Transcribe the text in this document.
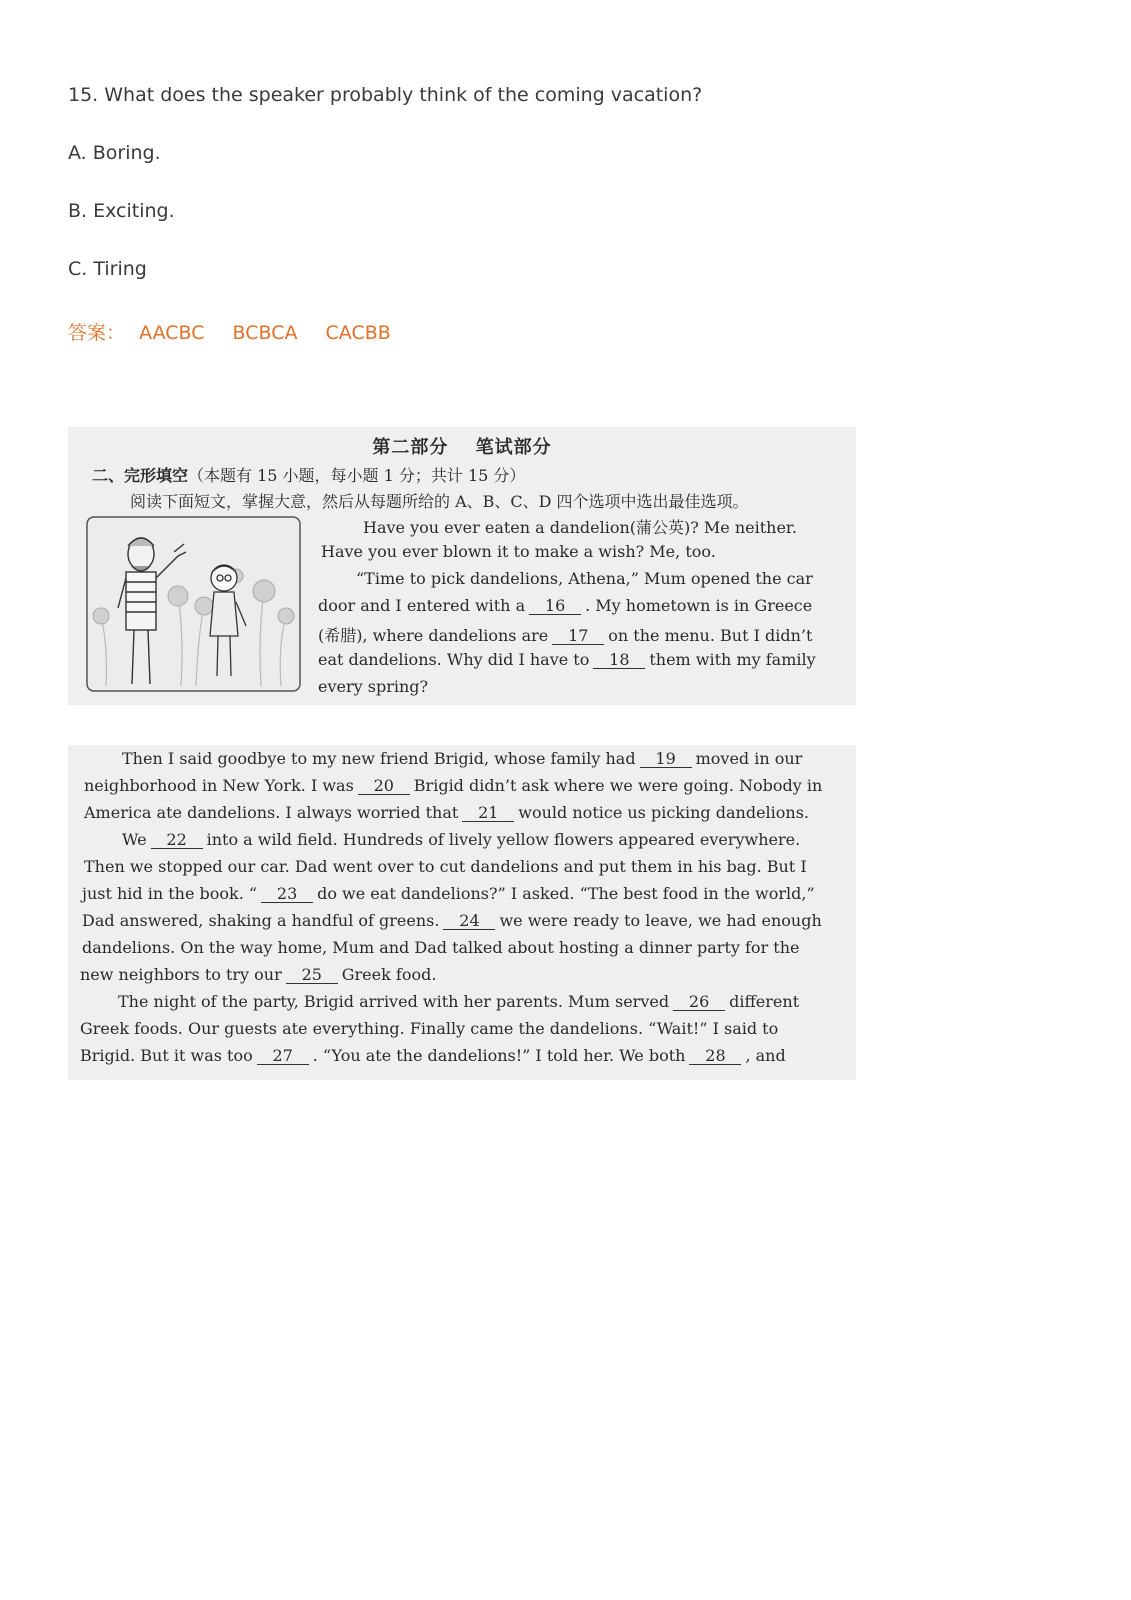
15. What does the speaker probably think of the coming vacation?
A. Boring.
B. Exciting.
C. Tiring
答案： AACBC BCBCA CACBB
第二部分 笔试部分
二、完形填空（本题有 15 小题，每小题 1 分；共计 15 分）
阅读下面短文，掌握大意，然后从每题所给的 A、B、C、D 四个选项中选出最佳选项。
Have you ever eaten a dandelion(蒲公英)? Me neither.
Have you ever blown it to make a wish? Me, too.
“Time to pick dandelions, Athena,” Mum opened the car
door and I entered with a 16 . My hometown is in Greece
(希腊), where dandelions are 17 on the menu. But I didn’t
eat dandelions. Why did I have to 18 them with my family
every spring?
Then I said goodbye to my new friend Brigid, whose family had 19 moved in our
neighborhood in New York. I was 20 Brigid didn’t ask where we were going. Nobody in
America ate dandelions. I always worried that 21 would notice us picking dandelions.
We 22 into a wild field. Hundreds of lively yellow flowers appeared everywhere.
Then we stopped our car. Dad went over to cut dandelions and put them in his bag. But I
just hid in the book. “ 23 do we eat dandelions?” I asked. “The best food in the world,”
Dad answered, shaking a handful of greens. 24 we were ready to leave, we had enough
dandelions. On the way home, Mum and Dad talked about hosting a dinner party for the
new neighbors to try our 25 Greek food.
The night of the party, Brigid arrived with her parents. Mum served 26 different
Greek foods. Our guests ate everything. Finally came the dandelions. “Wait!” I said to
Brigid. But it was too 27 . “You ate the dandelions!” I told her. We both 28 , and
